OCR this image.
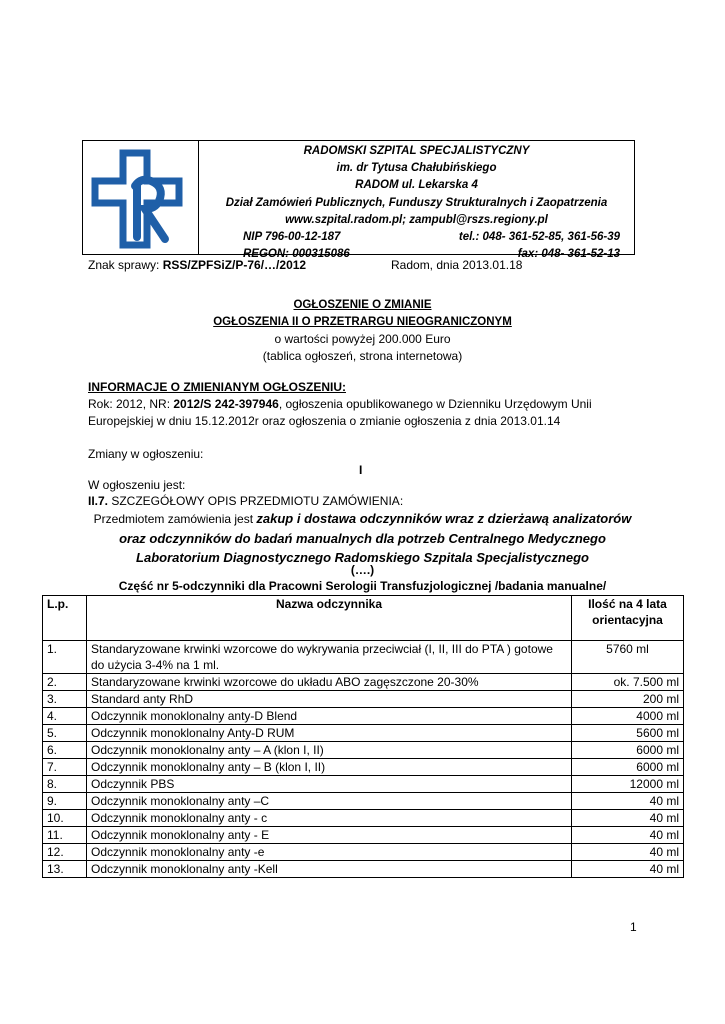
RADOMSKI SZPITAL SPECJALISTYCZNY
im. dr Tytusa Chałubińskiego
RADOM ul. Lekarska 4
Dział Zamówień Publicznych, Funduszy Strukturalnych i Zaopatrzenia
www.szpital.radom.pl; zampubl@rszs.regiony.pl
NIP 796-00-12-187	tel.: 048- 361-52-85, 361-56-39
REGON: 000315086	fax: 048- 361-52-13
Znak sprawy: RSS/ZPFSiZ/P-76/…/2012	Radom, dnia 2013.01.18
OGŁOSZENIE O ZMIANIE
OGŁOSZENIA II O PRZETRARGU NIEOGRANICZONYM
o wartości powyżej 200.000 Euro
(tablica ogłoszeń, strona internetowa)
INFORMACJE O ZMIENIANYM OGŁOSZENIU:
Rok: 2012, NR: 2012/S 242-397946, ogłoszenia opublikowanego w Dzienniku Urzędowym Unii
Europejskiej w dniu 15.12.2012r oraz ogłoszenia o zmianie ogłoszenia z dnia 2013.01.14
Zmiany w ogłoszeniu:
I
W ogłoszeniu jest:
II.7. SZCZEGÓŁOWY OPIS PRZEDMIOTU ZAMÓWIENIA:
Przedmiotem zamówienia jest zakup i dostawa odczynników wraz z dzierżawą analizatorów
oraz odczynników do badań manualnych dla potrzeb Centralnego Medycznego
Laboratorium Diagnostycznego Radomskiego Szpitala Specjalistycznego
(….)
Część nr 5-odczynniki dla Pracowni Serologii Transfuzjologicznej /badania manualne/
L.p.	Nazwa odczynnika	Ilość na 4 lata
orientacyjna
1.	Standaryzowane krwinki wzorcowe do wykrywania przeciwciał (I, II, III do PTA ) gotowe
do użycia 3-4% na 1 ml.	5760 ml
2.	Standaryzowane krwinki wzorcowe do układu ABO zagęszczone 20-30%	ok. 7.500 ml
3.	Standard anty RhD	200 ml
4.	Odczynnik monoklonalny anty-D Blend	4000 ml
5.	Odczynnik monoklonalny Anty-D RUM	5600 ml
6.	Odczynnik monoklonalny anty – A (klon I, II)	6000 ml
7.	Odczynnik monoklonalny anty – B (klon I, II)	6000 ml
8.	Odczynnik PBS	12000 ml
9.	Odczynnik monoklonalny anty –C	40 ml
10.	Odczynnik monoklonalny anty - c	40 ml
11.	Odczynnik monoklonalny anty - E	40 ml
12.	Odczynnik monoklonalny anty -e	40 ml
13.	Odczynnik monoklonalny anty -Kell	40 ml
1
